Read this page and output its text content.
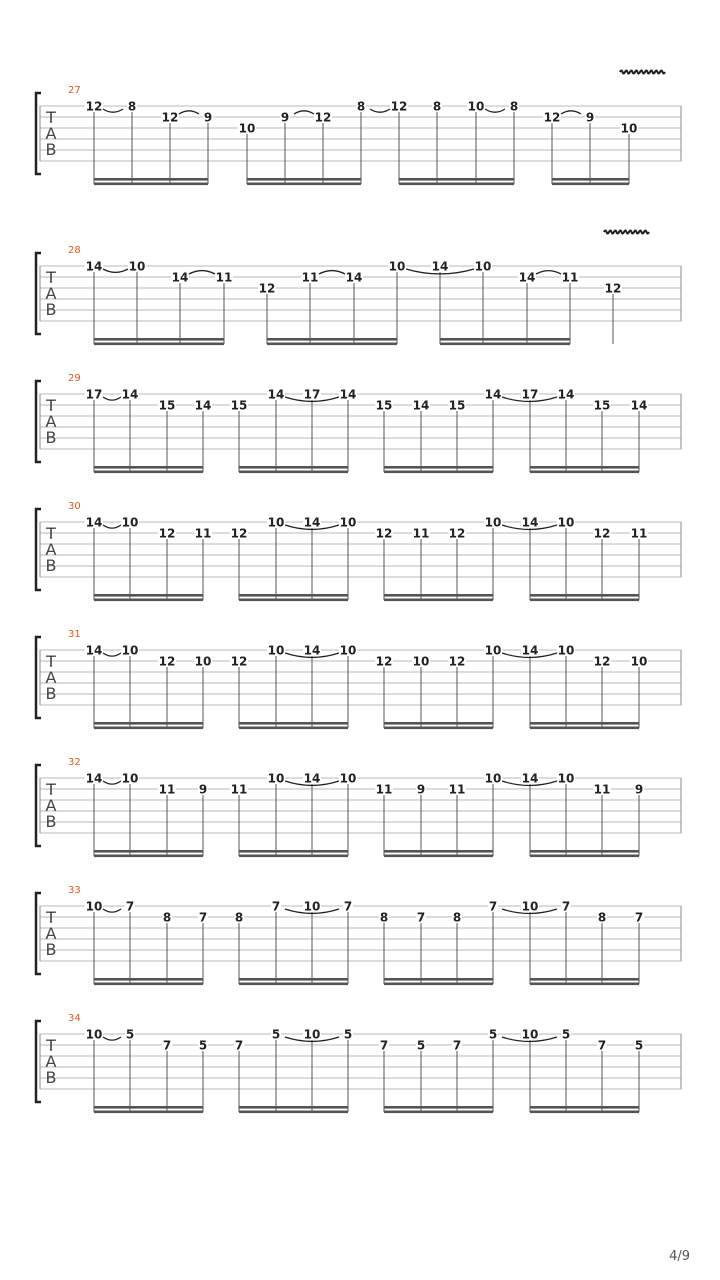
T
A
B
27
12 8
12 9
10
9 12
8 12 8 10 8
12 9
10
T
A
B
28
14 10
14 11
12
11 14
10 14 10
14 11
12
T
A
B
29
17 14
15 14 15
14 17 14
15 14 15
14 17 14
15 14
T
A
B
30
14 10
12 11 12
10 14 10
12 11 12
10 14 10
12 11
T
A
B
31
14 10
12 10 12
10 14 10
12 10 12
10 14 10
12 10
T
A
B
32
14 10
11 9 11
10 14 10
11 9 11
10 14 10
11 9
T
A
B
33
10 7
8 7 8
7 10 7
8 7 8
7 10 7
8 7
T
A
B
34
10 5
7 5 7
5 10 5
7 5 7
5 10 5
7 5
4/9
